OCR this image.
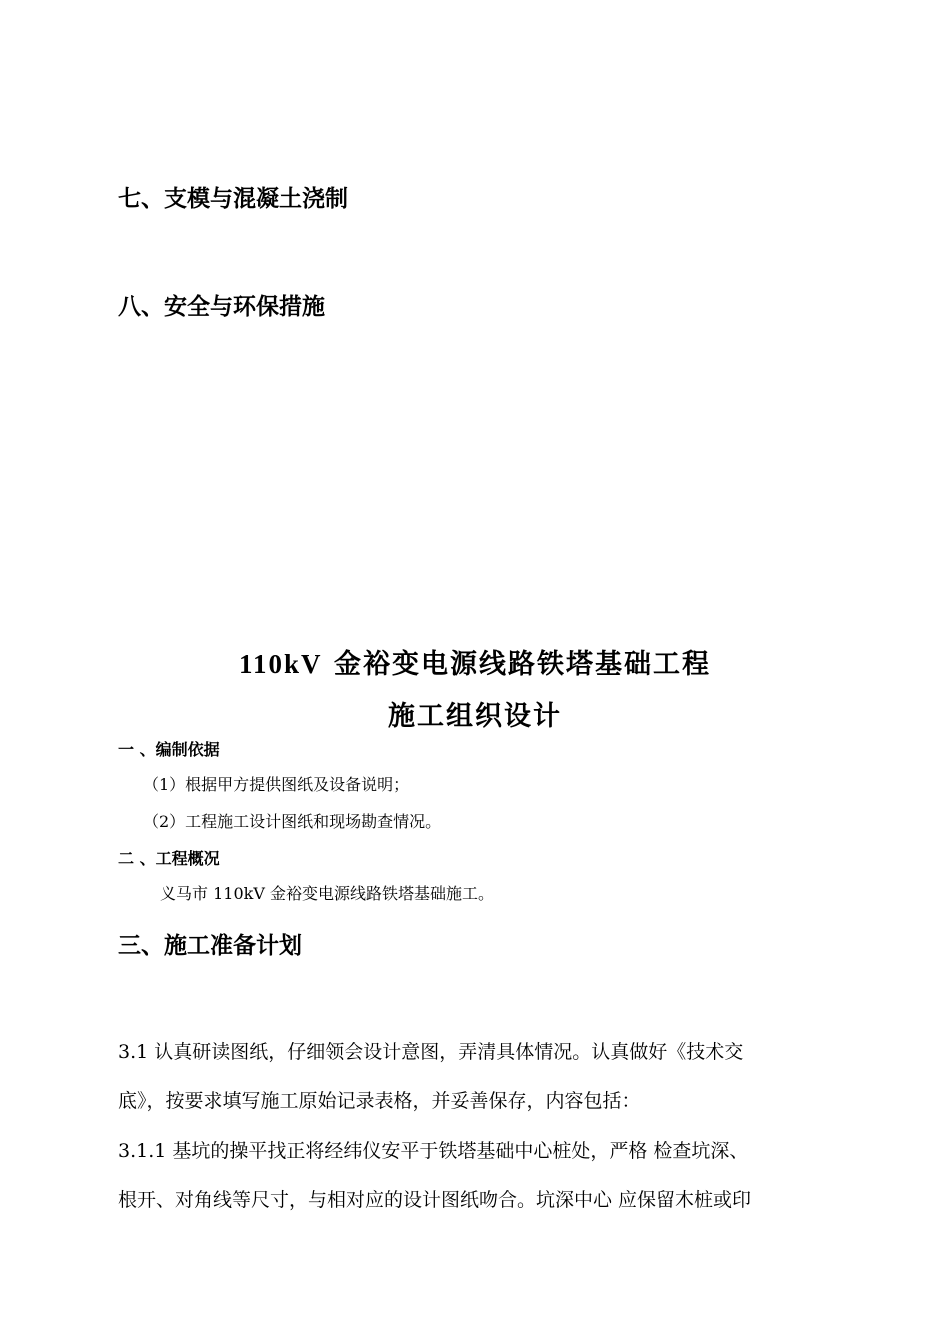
七、支模与混凝土浇制
八、安全与环保措施
110kV 金裕变电源线路铁塔基础工程
施工组织设计
一 、编制依据
（1）根据甲方提供图纸及设备说明；
（2）工程施工设计图纸和现场勘查情况。
二 、工程概况
义马市 110kV 金裕变电源线路铁塔基础施工。
三、施工准备计划
3.1 认真研读图纸，仔细领会设计意图，弄清具体情况。认真做好《技术交
底》，按要求填写施工原始记录表格，并妥善保存，内容包括：
3.1.1 基坑的操平找正将经纬仪安平于铁塔基础中心桩处，严格 检查坑深、
根开、对角线等尺寸，与相对应的设计图纸吻合。坑深中心 应保留木桩或印
